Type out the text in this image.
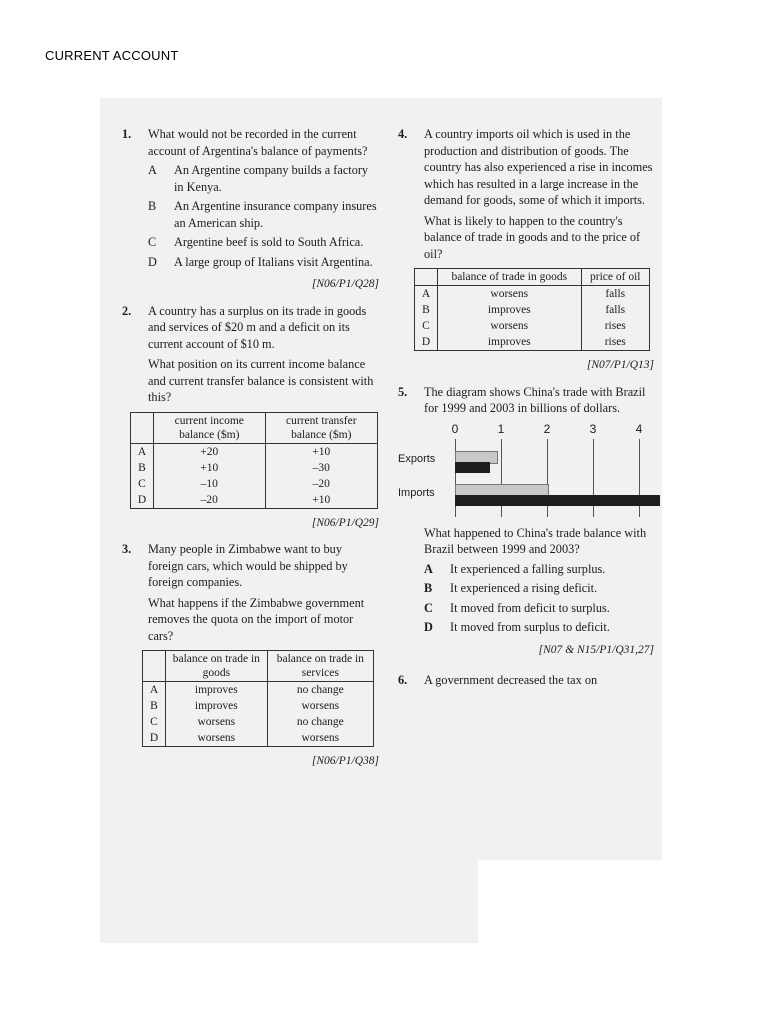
CURRENT ACCOUNT
1. What would not be recorded in the current account of Argentina's balance of payments?

A An Argentine company builds a factory in Kenya.
B An Argentine insurance company insures an American ship.
C Argentine beef is sold to South Africa.
D A large group of Italians visit Argentina.
[N06/P1/Q28]
2. A country has a surplus on its trade in goods and services of $20 m and a deficit on its current account of $10 m.

What position on its current income balance and current transfer balance is consistent with this?

	current income balance ($m)	current transfer balance ($m)
A	+20	+10
B	+10	–30
C	–10	–20
D	–20	+10
[N06/P1/Q29]
3. Many people in Zimbabwe want to buy foreign cars, which would be shipped by foreign companies.

What happens if the Zimbabwe government removes the quota on the import of motor cars?

	balance on trade in goods	balance on trade in services
A	improves	no change
B	improves	worsens
C	worsens	no change
D	worsens	worsens
[N06/P1/Q38]
4. A country imports oil which is used in the production and distribution of goods. The country has also experienced a rise in incomes which has resulted in a large increase in the demand for goods, some of which it imports.

What is likely to happen to the country's balance of trade in goods and to the price of oil?

	balance of trade in goods	price of oil
A	worsens	falls
B	improves	falls
C	worsens	rises
D	improves	rises
[N07/P1/Q13]
5. The diagram shows China's trade with Brazil for 1999 and 2003 in billions of dollars.

0	1	2	3	4
Exports
Imports

What happened to China's trade balance with Brazil between 1999 and 2003?

A It experienced a falling surplus.
B It experienced a rising deficit.
C It moved from deficit to surplus.
D It moved from surplus to deficit.
[N07 & N15/P1/Q31,27]
6. A government decreased the tax on
